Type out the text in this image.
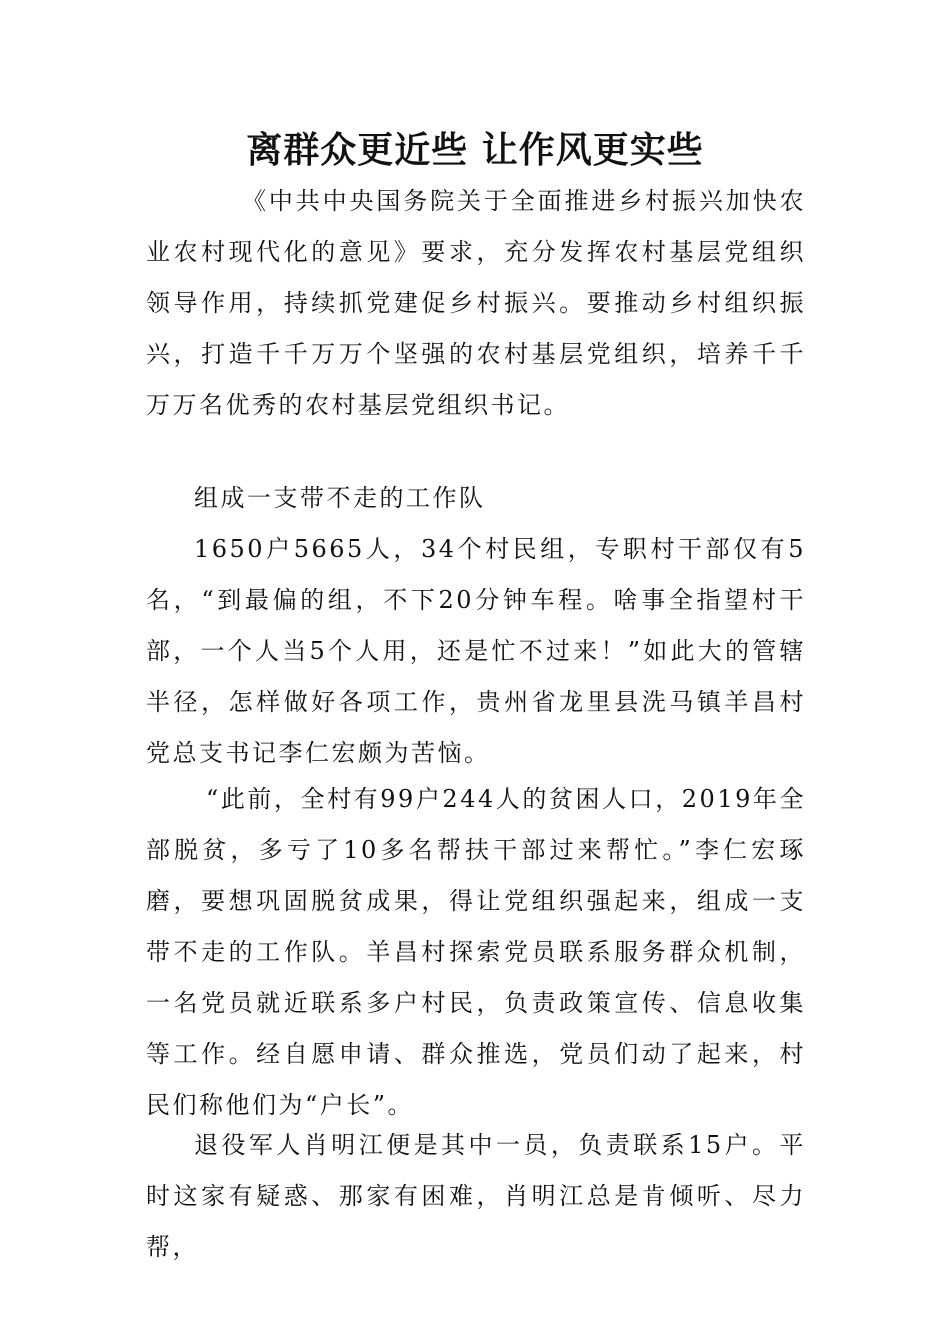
离群众更近些 让作风更实些

《中共中央国务院关于全面推进乡村振兴加快农业农村现代化的意见》要求，充分发挥农村基层党组织领导作用，持续抓党建促乡村振兴。要推动乡村组织振兴，打造千千万万个坚强的农村基层党组织，培养千千万万名优秀的农村基层党组织书记。

组成一支带不走的工作队

1650户5665人，34个村民组，专职村干部仅有5名，“到最偏的组，不下20分钟车程。啥事全指望村干部，一个人当5个人用，还是忙不过来！”如此大的管辖半径，怎样做好各项工作，贵州省龙里县洗马镇羊昌村党总支书记李仁宏颇为苦恼。

“此前，全村有99户244人的贫困人口，2019年全部脱贫，多亏了10多名帮扶干部过来帮忙。”李仁宏琢磨，要想巩固脱贫成果，得让党组织强起来，组成一支带不走的工作队。羊昌村探索党员联系服务群众机制，一名党员就近联系多户村民，负责政策宣传、信息收集等工作。经自愿申请、群众推选，党员们动了起来，村民们称他们为“户长”。

退役军人肖明江便是其中一员，负责联系15户。平时这家有疑惑、那家有困难，肖明江总是肯倾听、尽力帮，
